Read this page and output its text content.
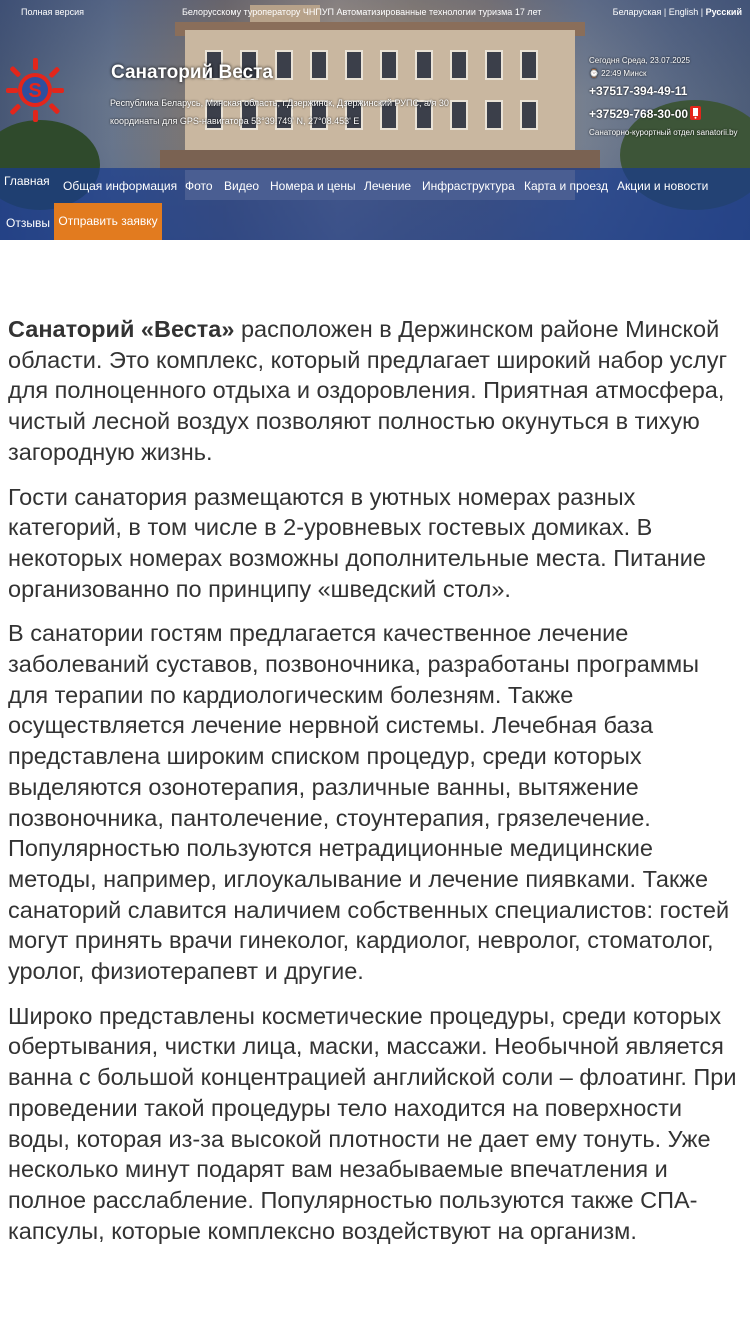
Полная версия	Белорусскому туроператору ЧНПУП Автоматизированные технологии туризма 17 лет	Беларуская | English | Русский
S
Санаторий Веста
Республика Беларусь, Минская область, г.Дзержинск, Дзержинский РУПС, а/я 30
координаты для GPS-навигатора 53°39.749' N, 27°08.453' E
Сегодня Среда, 23.07.2025
⌚ 22:49 Минск
+37517-394-49-11
+37529-768-30-00
Санаторно-курортный отдел sanatorii.by
Главная Общая информация Фото Видео Номера и цены Лечение Инфраструктура Карта и проезд Акции и новости
Отзывы Отправить заявку

Санаторий «Веста» расположен в Держинском районе Минской области. Это комплекс, который предлагает широкий набор услуг для полноценного отдыха и оздоровления. Приятная атмосфера, чистый лесной воздух позволяют полностью окунуться в тихую загородную жизнь.

Гости санатория размещаются в уютных номерах разных категорий, в том числе в 2-уровневых гостевых домиках. В некоторых номерах возможны дополнительные места. Питание организованно по принципу «шведский стол».

В санатории гостям предлагается качественное лечение заболеваний суставов, позвоночника, разработаны программы для терапии по кардиологическим болезням. Также осуществляется лечение нервной системы. Лечебная база представлена широким списком процедур, среди которых выделяются озонотерапия, различные ванны, вытяжение позвоночника, пантолечение, стоунтерапия, грязелечение. Популярностью пользуются нетрадиционные медицинские методы, например, иглоукалывание и лечение пиявками. Также санаторий славится наличием собственных специалистов: гостей могут принять врачи гинеколог, кардиолог, невролог, стоматолог, уролог, физиотерапевт и другие.

Широко представлены косметические процедуры, среди которых обертывания, чистки лица, маски, массажи. Необычной является ванна с большой концентрацией английской соли – флоатинг. При проведении такой процедуры тело находится на поверхности воды, которая из-за высокой плотности не дает ему тонуть. Уже несколько минут подарят вам незабываемые впечатления и полное расслабление. Популярностью пользуются также СПА-капсулы, которые комплексно воздействуют на организм.
